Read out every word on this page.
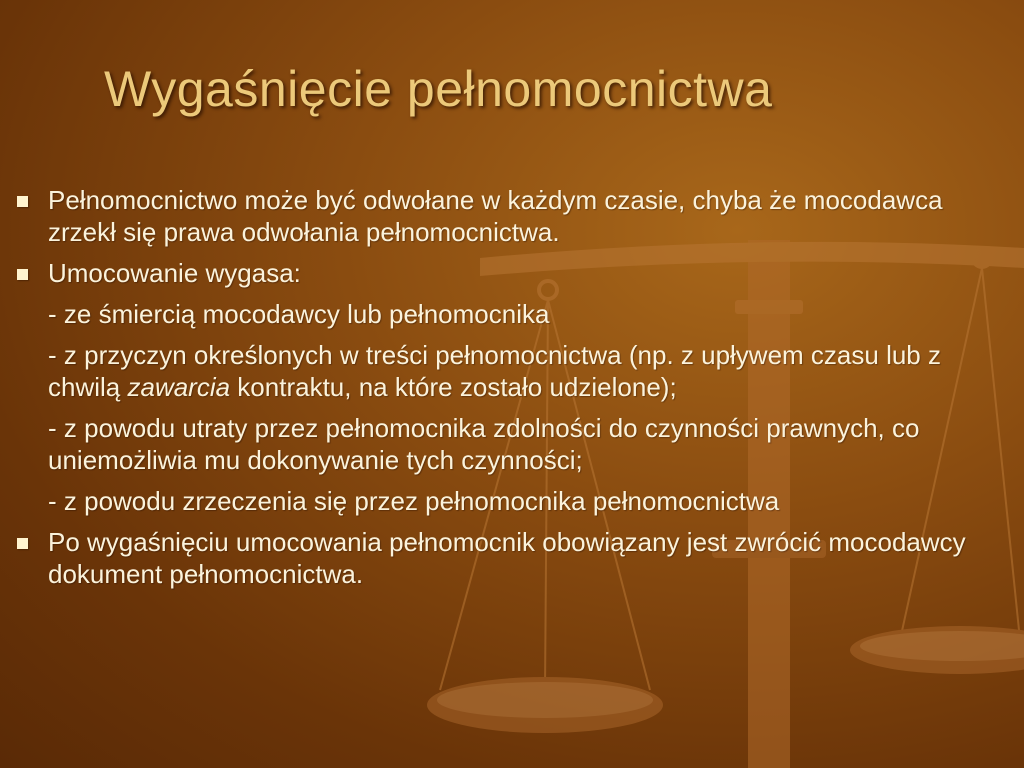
Wygaśnięcie pełnomocnictwa
Pełnomocnictwo może być odwołane w każdym czasie, chyba że mocodawca zrzekł się prawa odwołania pełnomocnictwa.
Umocowanie wygasa:
- ze śmiercią mocodawcy lub pełnomocnika
- z przyczyn określonych w treści pełnomocnictwa (np. z upływem czasu lub z chwilą zawarcia kontraktu, na które zostało udzielone);
- z powodu utraty przez pełnomocnika zdolności do czynności prawnych, co uniemożliwia mu dokonywanie tych czynności;
- z powodu zrzeczenia się przez pełnomocnika pełnomocnictwa
Po wygaśnięciu umocowania pełnomocnik obowiązany jest zwrócić mocodawcy dokument pełnomocnictwa.
